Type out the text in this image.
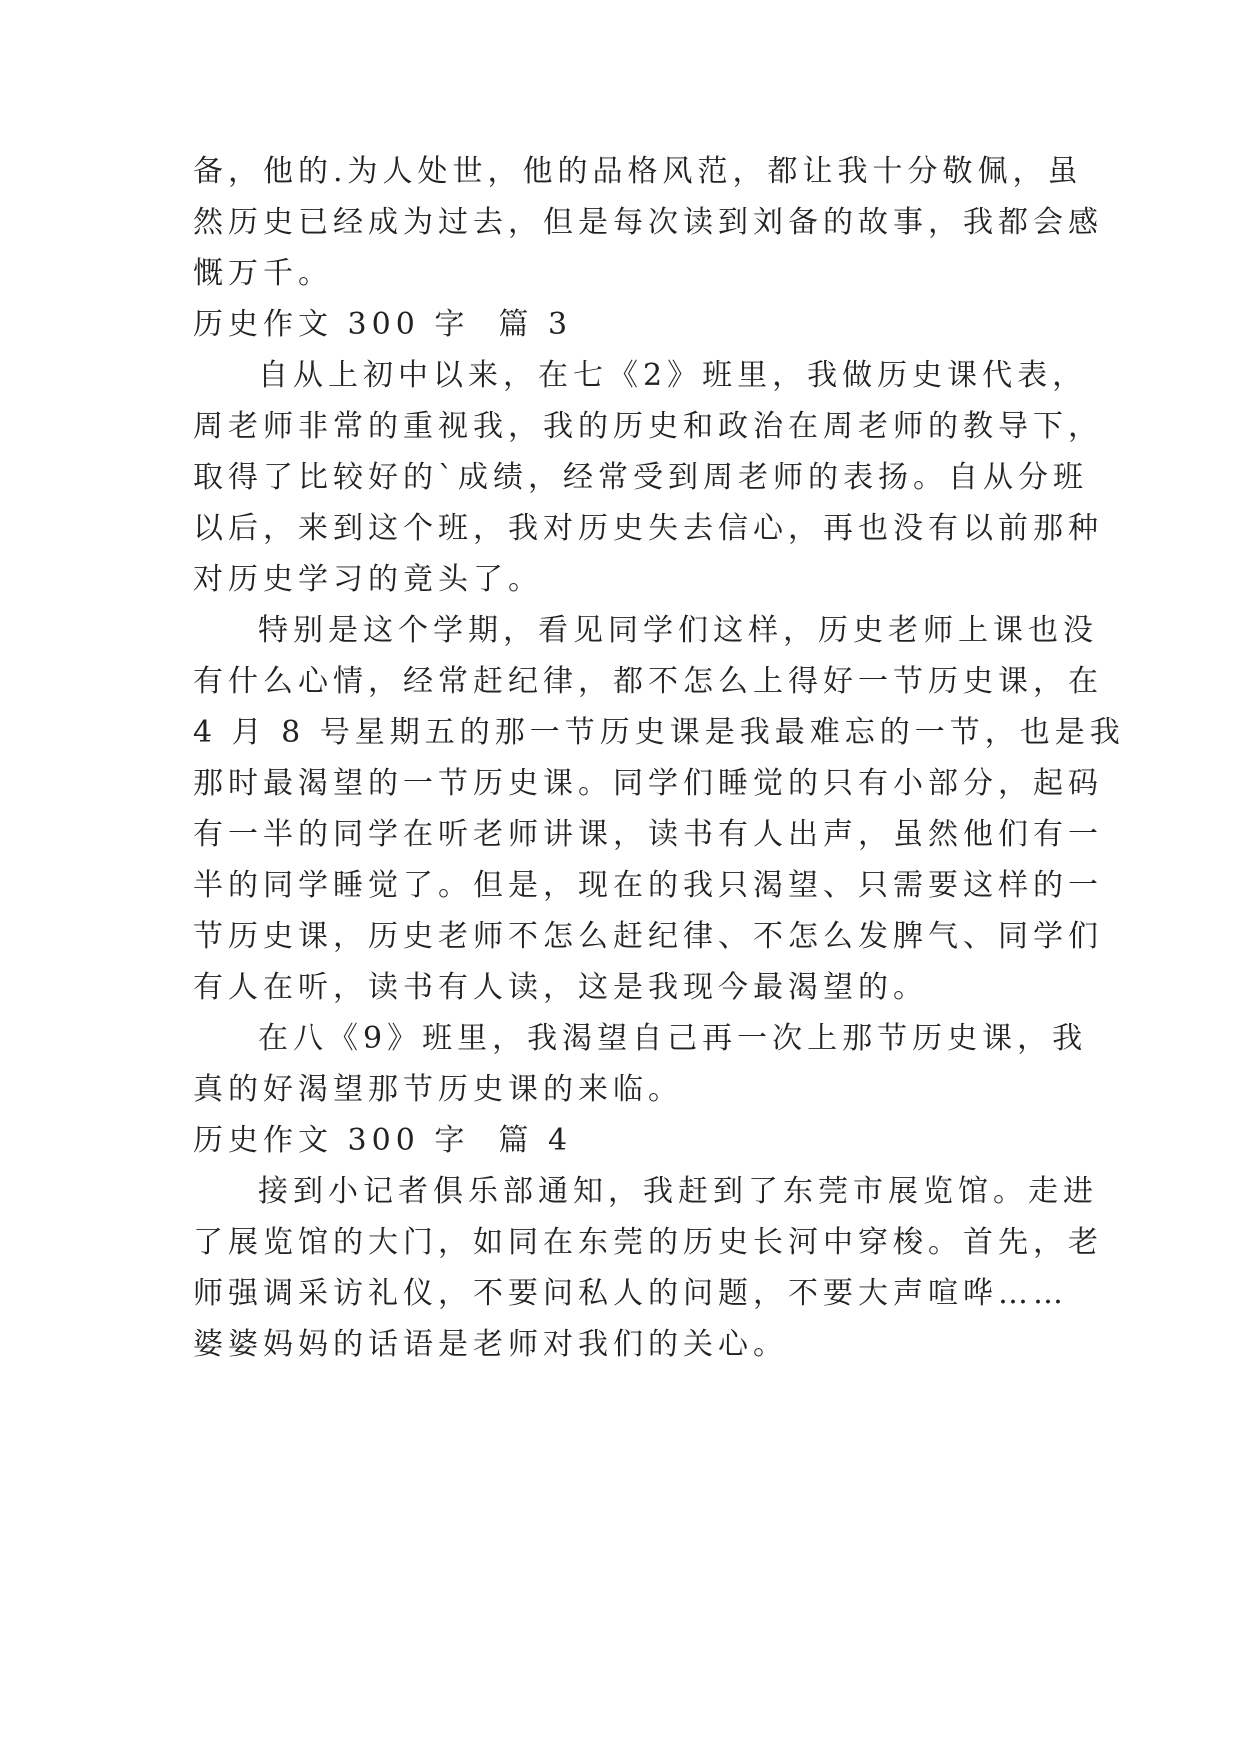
备，他的.为人处世，他的品格风范，都让我十分敬佩，虽
然历史已经成为过去，但是每次读到刘备的故事，我都会感
慨万千。
历史作文 300 字  篇 3
自从上初中以来，在七《2》班里，我做历史课代表，
周老师非常的重视我，我的历史和政治在周老师的教导下，
取得了比较好的`成绩，经常受到周老师的表扬。自从分班
以后，来到这个班，我对历史失去信心，再也没有以前那种
对历史学习的竟头了。
特别是这个学期，看见同学们这样，历史老师上课也没
有什么心情，经常赶纪律，都不怎么上得好一节历史课，在
4 月 8 号星期五的那一节历史课是我最难忘的一节，也是我
那时最渴望的一节历史课。同学们睡觉的只有小部分，起码
有一半的同学在听老师讲课，读书有人出声，虽然他们有一
半的同学睡觉了。但是，现在的我只渴望、只需要这样的一
节历史课，历史老师不怎么赶纪律、不怎么发脾气、同学们
有人在听，读书有人读，这是我现今最渴望的。
在八《9》班里，我渴望自己再一次上那节历史课，我
真的好渴望那节历史课的来临。
历史作文 300 字  篇 4
接到小记者俱乐部通知，我赶到了东莞市展览馆。走进
了展览馆的大门，如同在东莞的历史长河中穿梭。首先，老
师强调采访礼仪，不要问私人的问题，不要大声喧哗……
婆婆妈妈的话语是老师对我们的关心。
